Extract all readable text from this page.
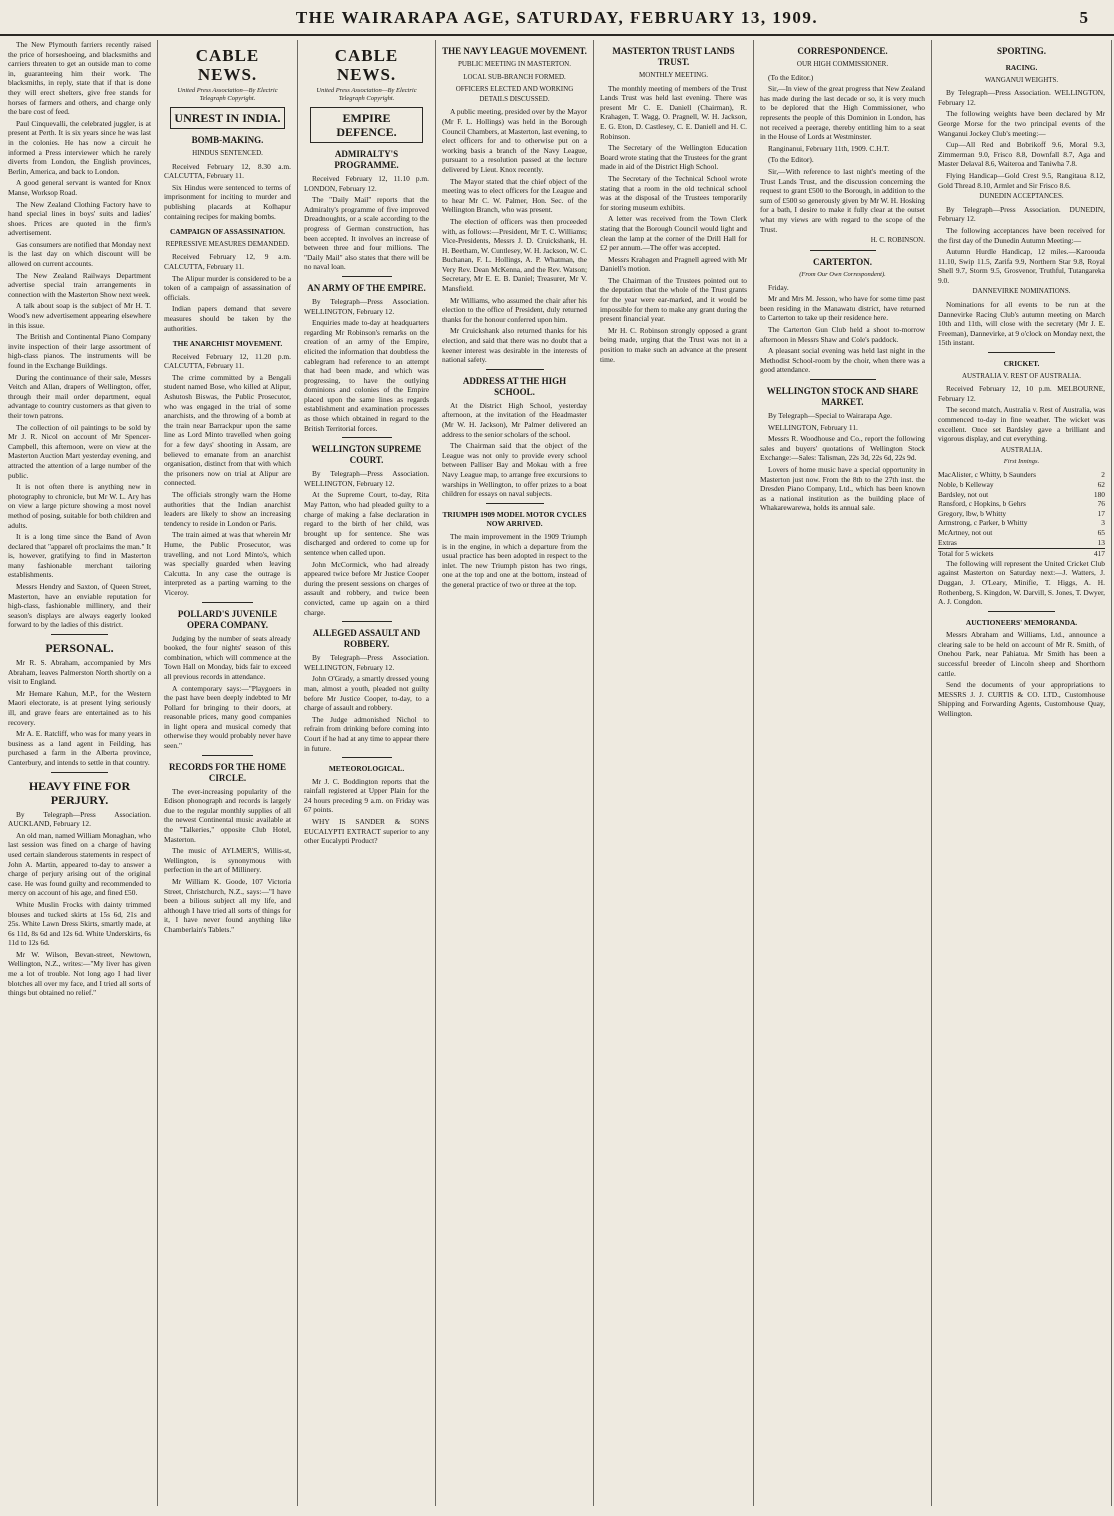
THE WAIRARAPA AGE, SATURDAY, FEBRUARY 13, 1909.	5

The New Plymouth farriers recently raised the price of horseshoeing, and blacksmiths and carriers threaten to get an outside man to come in, guaranteeing him their work. The blacksmiths, in reply, state that if that is done they will erect shelters, give free stands for horses of farmers and others, and charge only the bare cost of feed.

Paul Cinquevalli, the celebrated juggler, is at present at Perth. It is six years since he was last in the colonies. He has now a circuit he informed a Press interviewer which he rarely diverts from London, the English provinces, Berlin, America, and back to London.

A good general servant is wanted for Knox Manse, Worksop Road.

The New Zealand Clothing Factory have to hand special lines in boys' suits and ladies' shoes. Prices are quoted in the firm's advertisement.

Gas consumers are notified that Monday next is the last day on which discount will be allowed on current accounts.

The New Zealand Railways Department advertise special train arrangements in connection with the Masterton Show next week.

A talk about soap is the subject of Mr H. T. Wood's new advertisement appearing elsewhere in this issue.

The British and Continental Piano Company invite inspection of their large assortment of high-class pianos. The instruments will be found in the Exchange Buildings.

During the continuance of their sale, Messrs Veitch and Allan, drapers of Wellington, offer, through their mail order department, equal advantage to country customers as that given to their town patrons.

The collection of oil paintings to be sold by Mr J. R. Nicol on account of Mr Spencer-Campbell, this afternoon, were on view at the Masterton Auction Mart yesterday evening, and attracted the attention of a large number of the public.

It is not often there is anything new in photography to chronicle, but Mr W. L. Ary has on view a large picture showing a most novel method of posing, suitable for both children and adults.

It is a long time since the Band of Avon declared that "apparel oft proclaims the man." It is, however, gratifying to find in Masterton many fashionable merchant tailoring establishments.

Messrs Hendry and Saxton, of Queen Street, Masterton, have an enviable reputation for high-class, fashionable millinery, and their season's displays are always eagerly looked forward to by the ladies of this district.

PERSONAL.

Mr R. S. Abraham, accompanied by Mrs Abraham, leaves Palmerston North shortly on a visit to England.

Mr Hemare Kahun, M.P., for the Western Maori electorate, is at present lying seriously ill, and grave fears are entertained as to his recovery.

Mr A. E. Ratcliff, who was for many years in business as a land agent in Feilding, has purchased a farm in the Alberta province, Canterbury, and intends to settle in that country.

HEAVY FINE FOR PERJURY.

By Telegraph—Press Association. AUCKLAND, February 12.

An old man, named William Monaghan, who last session was fined on a charge of having used certain slanderous statements in respect of John A. Martin, appeared to-day to answer a charge of perjury arising out of the original case. He was found guilty and recommended to mercy on account of his age, and fined £50.

White Muslin Frocks with dainty trimmed blouses and tucked skirts at 15s 6d, 21s and 25s. White Lawn Dress Skirts, smartly made, at 6s 11d, 8s 6d and 12s 6d. White Underskirts, 6s 11d to 12s 6d.

Mr W. Wilson, Bevan-street, Newtown, Wellington, N.Z., writes:—"My liver has given me a lot of trouble. Not long ago I had liver blotches all over my face, and I tried all sorts of things but obtained no relief."

CABLE NEWS.
United Press Association—By Electric Telegraph Copyright.
UNREST IN INDIA.
BOMB-MAKING.
HINDUS SENTENCED.

Received February 12, 8.30 a.m. CALCUTTA, February 11.

Six Hindus were sentenced to terms of imprisonment for inciting to murder and publishing placards at Kolhapur containing recipes for making bombs.

CAMPAIGN OF ASSASSINATION.
REPRESSIVE MEASURES DEMANDED.

Received February 12, 9 a.m. CALCUTTA, February 11.

The Alipur murder is considered to be a token of a campaign of assassination of officials.

Indian papers demand that severe measures should be taken by the authorities.

THE ANARCHIST MOVEMENT.

Received February 12, 11.20 p.m. CALCUTTA, February 11.

The crime committed by a Bengali student named Bose, who killed at Alipur, Ashutosh Biswas, the Public Prosecutor, who was engaged in the trial of some anarchists, and the throwing of a bomb at the train near Barrackpur upon the same line as Lord Minto travelled when going for a few days' shooting in Assam, are believed to emanate from an anarchist organisation, distinct from that with which the prisoners now on trial at Alipur are connected.

The officials strongly warn the Home authorities that the Indian anarchist leaders are likely to show an increasing tendency to reside in London or Paris.

The train aimed at was that wherein Mr Hume, the Public Prosecutor, was travelling, and not Lord Minto's, which was specially guarded when leaving Calcutta. In any case the outrage is interpreted as a parting warning to the Viceroy.

POLLARD'S JUVENILE OPERA COMPANY.

Judging by the number of seats already booked, the four nights' season of this combination, which will commence at the Town Hall on Monday, bids fair to exceed all previous records in attendance.

A contemporary says:—"Playgoers in the past have been deeply indebted to Mr Pollard for bringing to their doors, at reasonable prices, many good companies in light opera and musical comedy that otherwise they would probably never have seen."

RECORDS FOR THE HOME CIRCLE.

The ever-increasing popularity of the Edison phonograph and records is largely due to the regular monthly supplies of all the newest Continental music available at the "Talkeries," opposite Club Hotel, Masterton.

The music of AYLMER'S, Willis-st, Wellington, is synonymous with perfection in the art of Millinery.

Mr William K. Goode, 107 Victoria Street, Christchurch, N.Z., says:—"I have been a bilious subject all my life, and although I have tried all sorts of things for it, I have never found anything like Chamberlain's Tablets."

CABLE NEWS.
United Press Association—By Electric Telegraph Copyright.
EMPIRE DEFENCE.
ADMIRALTY'S PROGRAMME.

Received February 12, 11.10 p.m. LONDON, February 12.

The "Daily Mail" reports that the Admiralty's programme of five improved Dreadnoughts, or a scale according to the progress of German construction, has been accepted. It involves an increase of between three and four millions. The "Daily Mail" also states that there will be no naval loan.

AN ARMY OF THE EMPIRE.

By Telegraph—Press Association. WELLINGTON, February 12.

Enquiries made to-day at headquarters regarding Mr Robinson's remarks on the creation of an army of the Empire, elicited the information that doubtless the cablegram had reference to an attempt that had been made, and which was progressing, to have the outlying dominions and colonies of the Empire placed upon the same lines as regards establishment and examination processes as those which obtained in regard to the British Territorial forces.

WELLINGTON SUPREME COURT.

By Telegraph—Press Association. WELLINGTON, February 12.

At the Supreme Court, to-day, Rita May Patton, who had pleaded guilty to a charge of making a false declaration in regard to the birth of her child, was brought up for sentence. She was discharged and ordered to come up for sentence when called upon.

John McCormick, who had already appeared twice before Mr Justice Cooper during the present sessions on charges of assault and robbery, and twice been convicted, came up again on a third charge.

ALLEGED ASSAULT AND ROBBERY.

By Telegraph—Press Association. WELLINGTON, February 12.

John O'Grady, a smartly dressed young man, almost a youth, pleaded not guilty before Mr Justice Cooper, to-day, to a charge of assault and robbery.

The Judge admonished Nichol to refrain from drinking before coming into Court if he had at any time to appear there in future.

METEOROLOGICAL.

Mr J. C. Boddington reports that the rainfall registered at Upper Plain for the 24 hours preceding 9 a.m. on Friday was 67 points.

WHY IS SANDER & SONS EUCALYPTI EXTRACT superior to any other Eucalypti Product?

THE NAVY LEAGUE MOVEMENT.
PUBLIC MEETING IN MASTERTON.
LOCAL SUB-BRANCH FORMED.
OFFICERS ELECTED AND WORKING DETAILS DISCUSSED.

A public meeting, presided over by the Mayor (Mr F. L. Hollings) was held in the Borough Council Chambers, at Masterton, last evening, to elect officers for and to otherwise put on a working basis a branch of the Navy League, pursuant to a resolution passed at the lecture delivered by Lieut. Knox recently.

The Mayor stated that the chief object of the meeting was to elect officers for the League and to hear Mr C. W. Palmer, Hon. Sec. of the Wellington Branch, who was present.

The election of officers was then proceeded with, as follows:—President, Mr T. C. Williams; Vice-Presidents, Messrs J. D. Cruickshank, H. H. Beetham, W. Cuntlesey, W. H. Jackson, W. C. Buchanan, F. L. Hollings, A. P. Whatman, the Very Rev. Dean McKenna, and the Rev. Watson; Secretary, Mr E. E. B. Daniel; Treasurer, Mr V. Mansfield.

Mr Williams, who assumed the chair after his election to the office of President, duly returned thanks for the honour conferred upon him.

Mr Cruickshank also returned thanks for his election, and said that there was no doubt that a keener interest was desirable in the interests of national safety.

ADDRESS AT THE HIGH SCHOOL.

At the District High School, yesterday afternoon, at the invitation of the Headmaster (Mr W. H. Jackson), Mr Palmer delivered an address to the senior scholars of the school.

The Chairman said that the object of the League was not only to provide every school between Palliser Bay and Mokau with a free Navy League map, to arrange free excursions to warships in Wellington, to offer prizes to a boat children for essays on naval subjects.

TRIUMPH 1909 MODEL MOTOR CYCLES NOW ARRIVED.

The main improvement in the 1909 Triumph is in the engine, in which a departure from the usual practice has been adopted in respect to the inlet. The new Triumph piston has two rings, one at the top and one at the bottom, instead of the general practice of two or three at the top.

MASTERTON TRUST LANDS TRUST.
MONTHLY MEETING.

The monthly meeting of members of the Trust Lands Trust was held last evening. There was present Mr C. E. Daniell (Chairman), R. Krahagen, T. Wagg, O. Pragnell, W. H. Jackson, E. G. Eton, D. Castlesey, C. E. Daniell and H. C. Robinson.

The Secretary of the Wellington Education Board wrote stating that the Trustees for the grant made in aid of the District High School.

The Secretary of the Technical School wrote stating that a room in the old technical school was at the disposal of the Trustees temporarily for storing museum exhibits.

A letter was received from the Town Clerk stating that the Borough Council would light and clean the lamp at the corner of the Drill Hall for £2 per annum.—The offer was accepted.

Messrs Krahagen and Pragnell agreed with Mr Daniell's motion.

The Chairman of the Trustees pointed out to the deputation that the whole of the Trust grants for the year were ear-marked, and it would be impossible for them to make any grant during the present financial year.

Mr H. C. Robinson strongly opposed a grant being made, urging that the Trust was not in a position to make such an advance at the present time.

CORRESPONDENCE.
OUR HIGH COMMISSIONER.

(To the Editor.)

Sir,—In view of the great progress that New Zealand has made during the last decade or so, it is very much to be deplored that the High Commissioner, who represents the people of this Dominion in London, has not received a peerage, thereby entitling him to a seat in the House of Lords at Westminster.

Ranginanui, February 11th, 1909. C.H.T.

(To the Editor).

Sir,—With reference to last night's meeting of the Trust Lands Trust, and the discussion concerning the request to grant £500 to the Borough, in addition to the sum of £500 so generously given by Mr W. H. Hosking for a bath, I desire to make it fully clear at the outset what my views are with regard to the scope of the Trust.

H. C. ROBINSON.
CARTERTON.
(From Our Own Correspondent).

Friday.

Mr and Mrs M. Jesson, who have for some time past been residing in the Manawatu district, have returned to Carterton to take up their residence here.

The Carterton Gun Club held a shoot to-morrow afternoon in Messrs Shaw and Cole's paddock.

A pleasant social evening was held last night in the Methodist School-room by the choir, when there was a good attendance.

WELLINGTON STOCK AND SHARE MARKET.

By Telegraph—Special to Wairarapa Age.

WELLINGTON, February 11.

Messrs R. Woodhouse and Co., report the following sales and buyers' quotations of Wellington Stock Exchange:—Sales: Talisman, 22s 3d, 22s 6d, 22s 9d.

Lovers of home music have a special opportunity in Masterton just now. From the 8th to the 27th inst. the Dresden Piano Company, Ltd., which has been known as a national institution as the building place of Whakarewarewa, holds its annual sale.

SPORTING.
RACING.
WANGANUI WEIGHTS.

By Telegraph—Press Association. WELLINGTON, February 12.

The following weights have been declared by Mr George Morse for the two principal events of the Wanganui Jockey Club's meeting:—

Cup—All Red and Bobrikoff 9.6, Moral 9.3, Zimmerman 9.0, Frisco 8.8, Downfall 8.7, Aga and Master Delaval 8.6, Waiteroa and Taniwha 7.8.

Flying Handicap—Gold Crest 9.5, Rangitaua 8.12, Gold Thread 8.10, Armlet and Sir Frisco 8.6.

DUNEDIN ACCEPTANCES.

By Telegraph—Press Association. DUNEDIN, February 12.

The following acceptances have been received for the first day of the Dunedin Autumn Meeting:—

Autumn Hurdle Handicap, 12 miles.—Karoouda 11.10, Swip 11.5, Zarifa 9.9, Northern Star 9.8, Royal Shell 9.7, Storm 9.5, Grosvenor, Truthful, Tutangareka 9.0.

DANNEVIRKE NOMINATIONS.

Nominations for all events to be run at the Dannevirke Racing Club's autumn meeting on March 10th and 11th, will close with the secretary (Mr J. E. Freeman), Dannevirke, at 9 o'clock on Monday next, the 15th instant.

CRICKET.
AUSTRALIA V. REST OF AUSTRALIA.

Received February 12, 10 p.m. MELBOURNE, February 12.

The second match, Australia v. Rest of Australia, was commenced to-day in fine weather. The wicket was excellent. Once set Bardsley gave a brilliant and vigorous display, and cut everything.

AUSTRALIA.
First Innings.
MacAlister, c Whitty, b Saunders	2
Noble, b Kelleway	62
Bardsley, not out	180
Ransford, c Hopkins, b Gehrs	76
Gregory, lbw, b Whitty	17
Armstrong, c Parker, b Whitty	3
McArtney, not out	65
Extras	13
Total for 5 wickets	417

The following will represent the United Cricket Club against Masterton on Saturday next:—J. Watters, J. Duggan, J. O'Leary, Minifie, T. Higgs, A. H. Rothenberg, S. Kingdon, W. Darvill, S. Jones, T. Dwyer, A. J. Congdon.

AUCTIONEERS' MEMORANDA.

Messrs Abraham and Williams, Ltd., announce a clearing sale to be held on account of Mr R. Smith, of Onehou Park, near Pahiatua. Mr Smith has been a successful breeder of Lincoln sheep and Shorthorn cattle.

Send the documents of your appropriations to MESSRS J. J. CURTIS & CO. LTD., Customhouse Shipping and Forwarding Agents, Customhouse Quay, Wellington.
